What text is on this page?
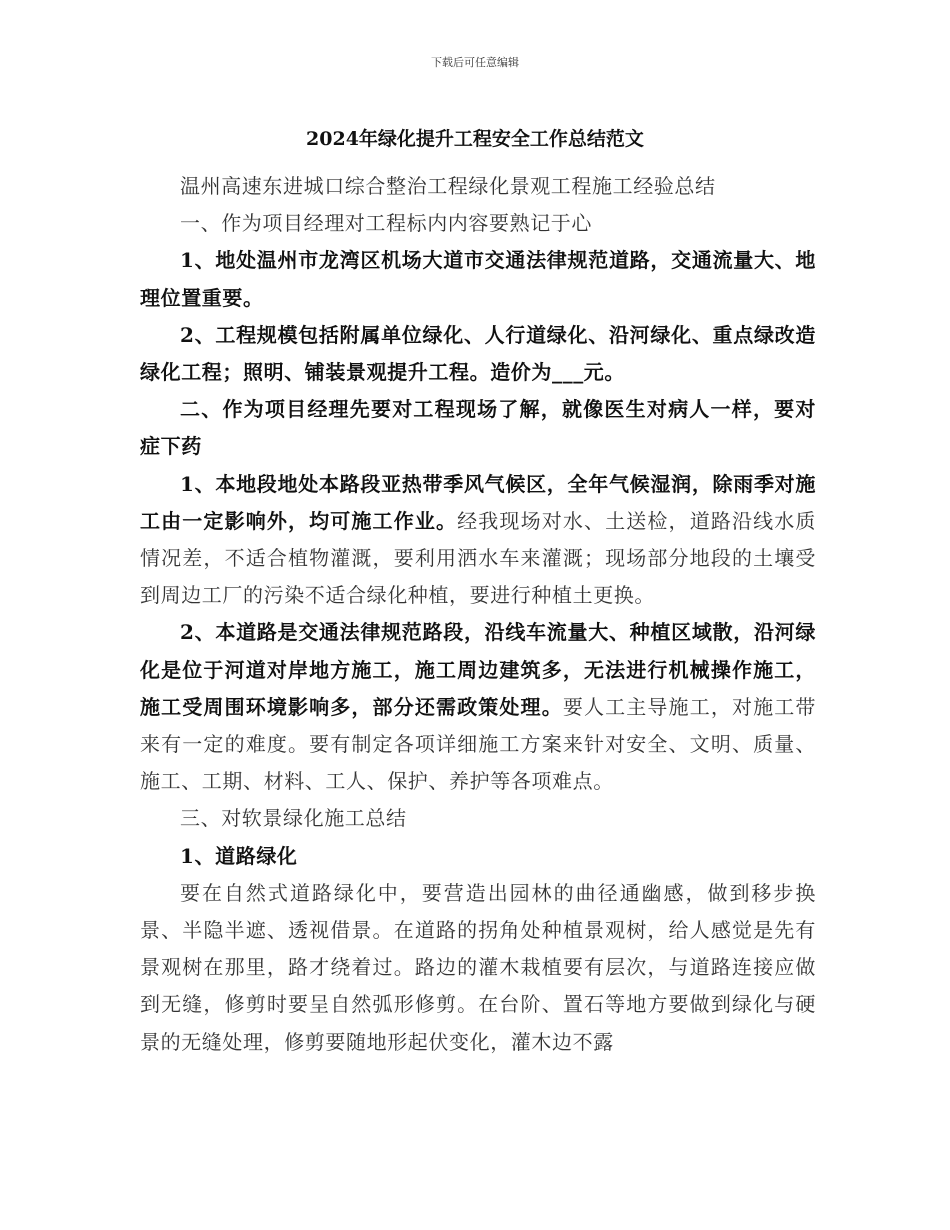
下载后可任意编辑
2024年绿化提升工程安全工作总结范文

温州高速东进城口综合整治工程绿化景观工程施工经验总结

一、作为项目经理对工程标内内容要熟记于心

1、地处温州市龙湾区机场大道市交通法律规范道路，交通流量大、地理位置重要。

2、工程规模包括附属单位绿化、人行道绿化、沿河绿化、重点绿改造绿化工程；照明、铺装景观提升工程。造价为___元。

二、作为项目经理先要对工程现场了解，就像医生对病人一样，要对症下药

1、本地段地处本路段亚热带季风气候区，全年气候湿润，除雨季对施工由一定影响外，均可施工作业。经我现场对水、土送检，道路沿线水质情况差，不适合植物灌溉，要利用洒水车来灌溉；现场部分地段的土壤受到周边工厂的污染不适合绿化种植，要进行种植土更换。

2、本道路是交通法律规范路段，沿线车流量大、种植区域散，沿河绿化是位于河道对岸地方施工，施工周边建筑多，无法进行机械操作施工，施工受周围环境影响多，部分还需政策处理。要人工主导施工，对施工带来有一定的难度。要有制定各项详细施工方案来针对安全、文明、质量、施工、工期、材料、工人、保护、养护等各项难点。

三、对软景绿化施工总结

1、道路绿化

要在自然式道路绿化中，要营造出园林的曲径通幽感，做到移步换景、半隐半遮、透视借景。在道路的拐角处种植景观树，给人感觉是先有景观树在那里，路才绕着过。路边的灌木栽植要有层次，与道路连接应做到无缝，修剪时要呈自然弧形修剪。在台阶、置石等地方要做到绿化与硬景的无缝处理，修剪要随地形起伏变化，灌木边不露
